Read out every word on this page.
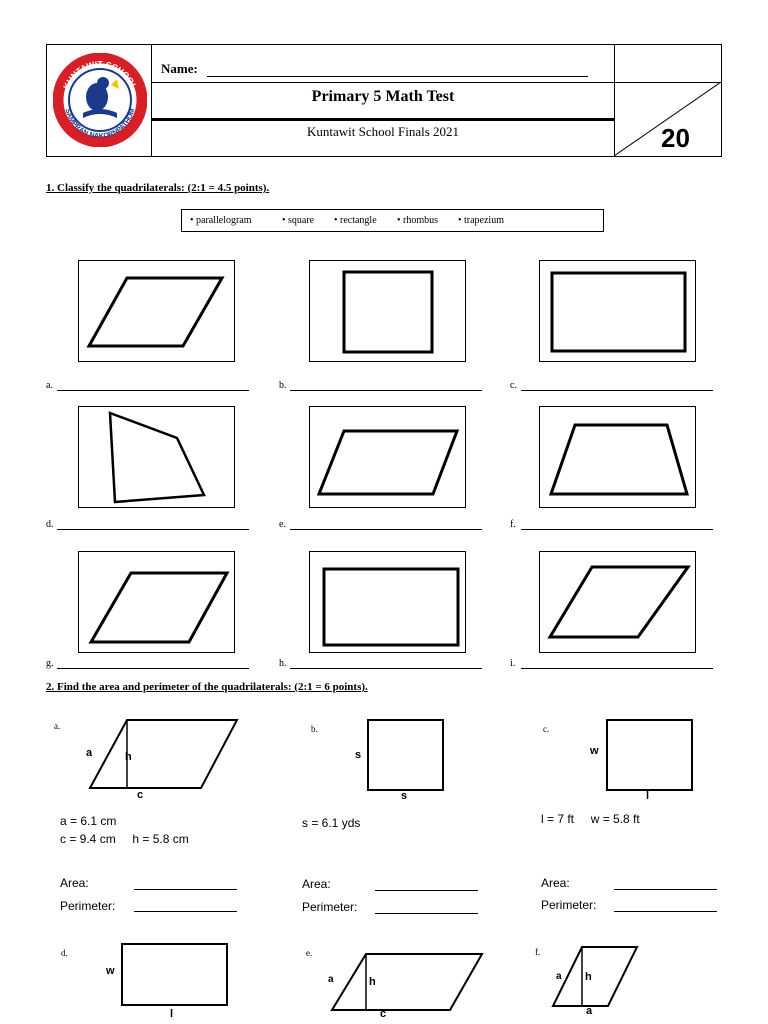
KUNTAWIT SCHOOL
SAMPRAN NAKORNPATHOM
Name:
Primary 5 Math Test
Kuntawit School Finals 2021	20
1. Classify the quadrilaterals: (2:1 = 4.5 points).
• parallelogram	• square • rectangle • rhombus • trapezium
a.	b.	c.
d.	e.	f.
g.	h.	i.
2. Find the area and perimeter of the quadrilaterals: (2:1 = 6 points).
a.
a	h
c
a = 6.1 cm
c = 9.4 cm     h = 5.8 cm
b.
s
s
s = 6.1 yds
c.
w
l
l = 7 ft     w = 5.8 ft
Area:
Perimeter:
Area:
Perimeter:
Area:
Perimeter:
d.
w
l
e.
a	h
c
f.
a h
a
